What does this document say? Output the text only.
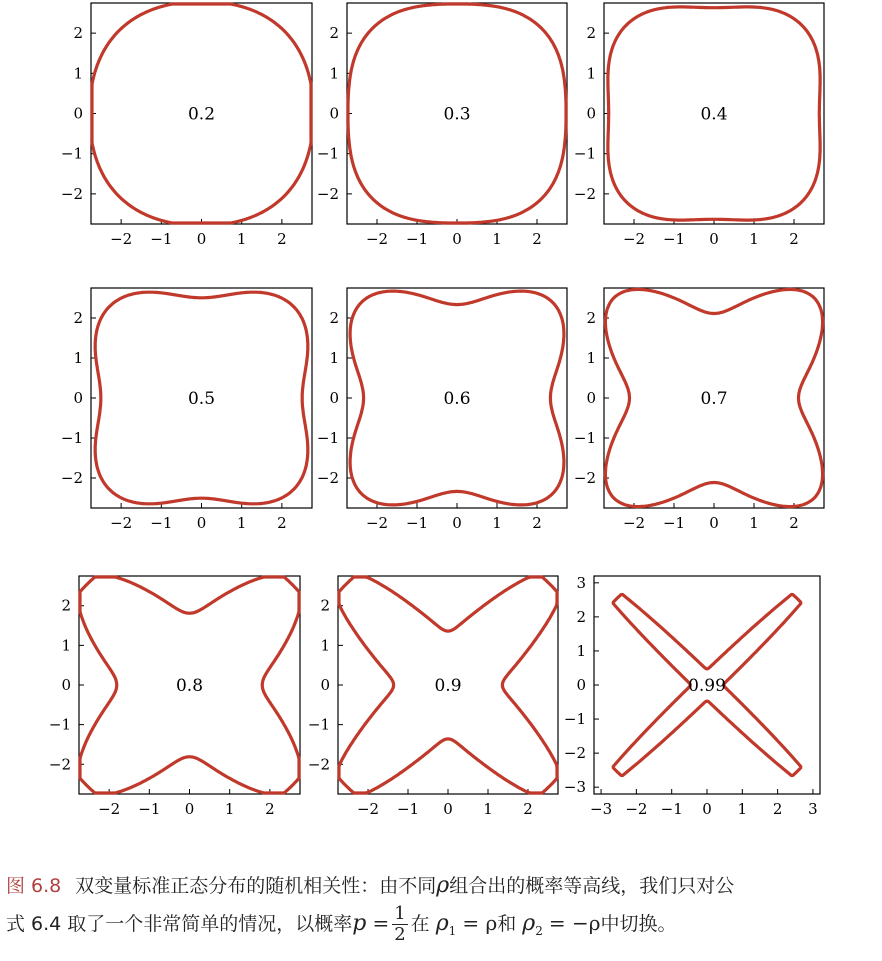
−2 −1 0 1 2
2
1
0
−1
−2
0.2
−2 −1 0 1 2
2
1
0
−1
−2
0.3
−2 −1 0 1 2
2
1
0
−1
−2
0.4
−2 −1 0 1 2
2
1
0
−1
−2
0.5
−2 −1 0 1 2
2
1
0
−1
−2
0.6
−2 −1 0 1 2
2
1
0
−1
−2
0.7
−2 −1 0 1 2
2
1
0
−1
−2
0.8
−2 −1 0 1 2
2
1
0
−1
−2
0.9
−3 −2 −1 0 1 2 3
3
2
1
0
−1
−2
−3
0.99
图 6.8 双变量标准正态分布的随机相关性：由不同ρ组合出的概率等高线，我们只对公
式 6.4 取了一个非常简单的情况，以概率$p = \frac{1}{2}$ 在 $\rho_1 = \rho$和 $\rho_2 = -\rho$中切换。
